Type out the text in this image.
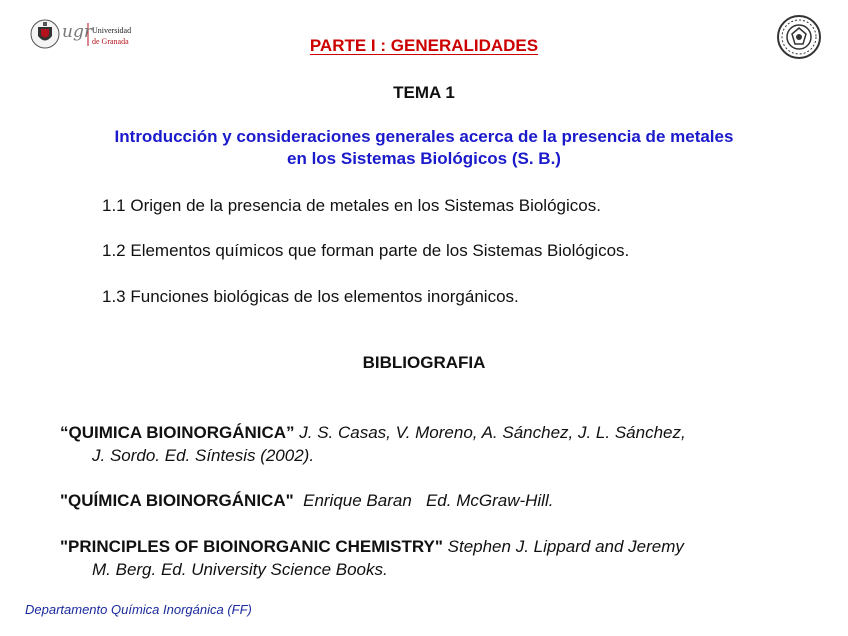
ugr Universidad
de Granada	PARTE I : GENERALIDADES
TEMA 1
Introducción y consideraciones generales acerca de la presencia de metales
en los Sistemas Biológicos (S. B.)
1.1 Origen de la presencia de metales en los Sistemas Biológicos.
1.2 Elementos químicos que forman parte de los Sistemas Biológicos.
1.3 Funciones biológicas de los elementos inorgánicos.
BIBLIOGRAFIA
“QUIMICA BIOINORGÁNICA” J. S. Casas, V. Moreno, A. Sánchez, J. L. Sánchez,
J. Sordo. Ed. Síntesis (2002).
"QUÍMICA BIOINORGÁNICA"  Enrique Baran   Ed. McGraw-Hill.
"PRINCIPLES OF BIOINORGANIC CHEMISTRY" Stephen J. Lippard and Jeremy
M. Berg. Ed. University Science Books.
Departamento Química Inorgánica (FF)
